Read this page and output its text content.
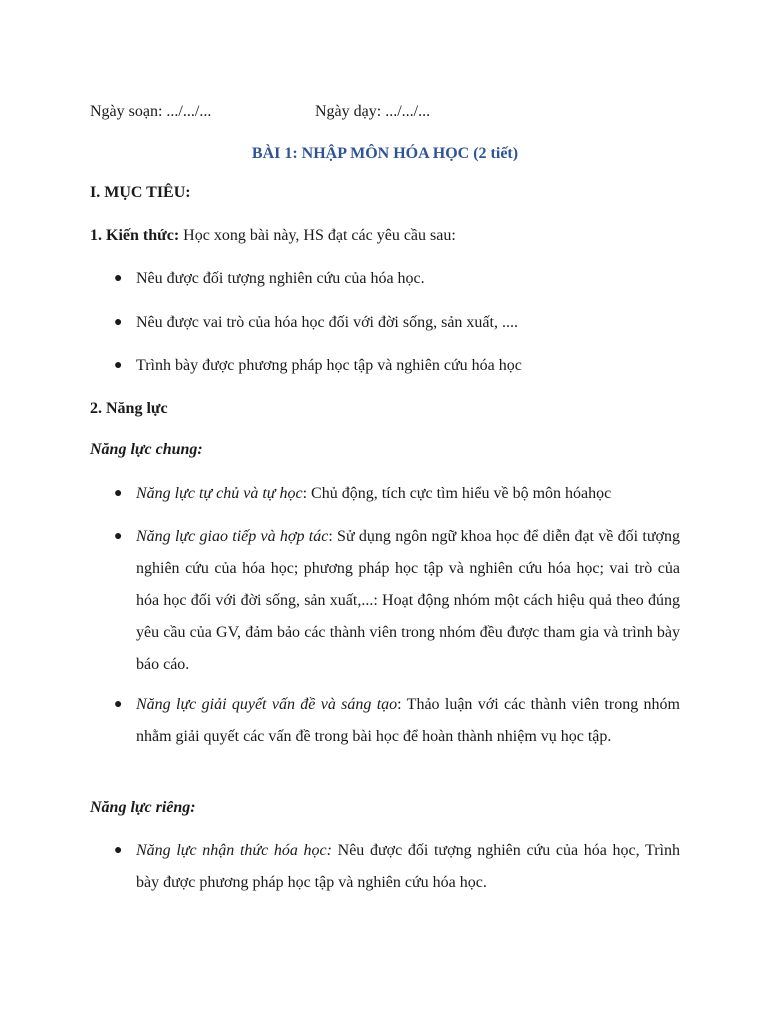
Ngày soạn: .../.../...	Ngày dạy: .../.../...
BÀI 1: NHẬP MÔN HÓA HỌC (2 tiết)
I. MỤC TIÊU:
1. Kiến thức: Học xong bài này, HS đạt các yêu cầu sau:
● Nêu được đối tượng nghiên cứu của hóa học.
● Nêu được vai trò của hóa học đối với đời sống, sản xuất, ....
● Trình bày được phương pháp học tập và nghiên cứu hóa học
2. Năng lực
Năng lực chung:
● Năng lực tự chủ và tự học: Chủ động, tích cực tìm hiểu về bộ môn hóahọc
● Năng lực giao tiếp và hợp tác: Sử dụng ngôn ngữ khoa học để diễn đạt về đối tượng nghiên cứu của hóa học; phương pháp học tập và nghiên cứu hóa học; vai trò của hóa học đối với đời sống, sản xuất,...: Hoạt động nhóm một cách hiệu quả theo đúng yêu cầu của GV, đảm bảo các thành viên trong nhóm đều được tham gia và trình bày báo cáo.
● Năng lực giải quyết vấn đề và sáng tạo: Thảo luận với các thành viên trong nhóm nhằm giải quyết các vấn đề trong bài học để hoàn thành nhiệm vụ học tập.
Năng lực riêng:
● Năng lực nhận thức hóa học: Nêu được đối tượng nghiên cứu của hóa học, Trình bày được phương pháp học tập và nghiên cứu hóa học.
